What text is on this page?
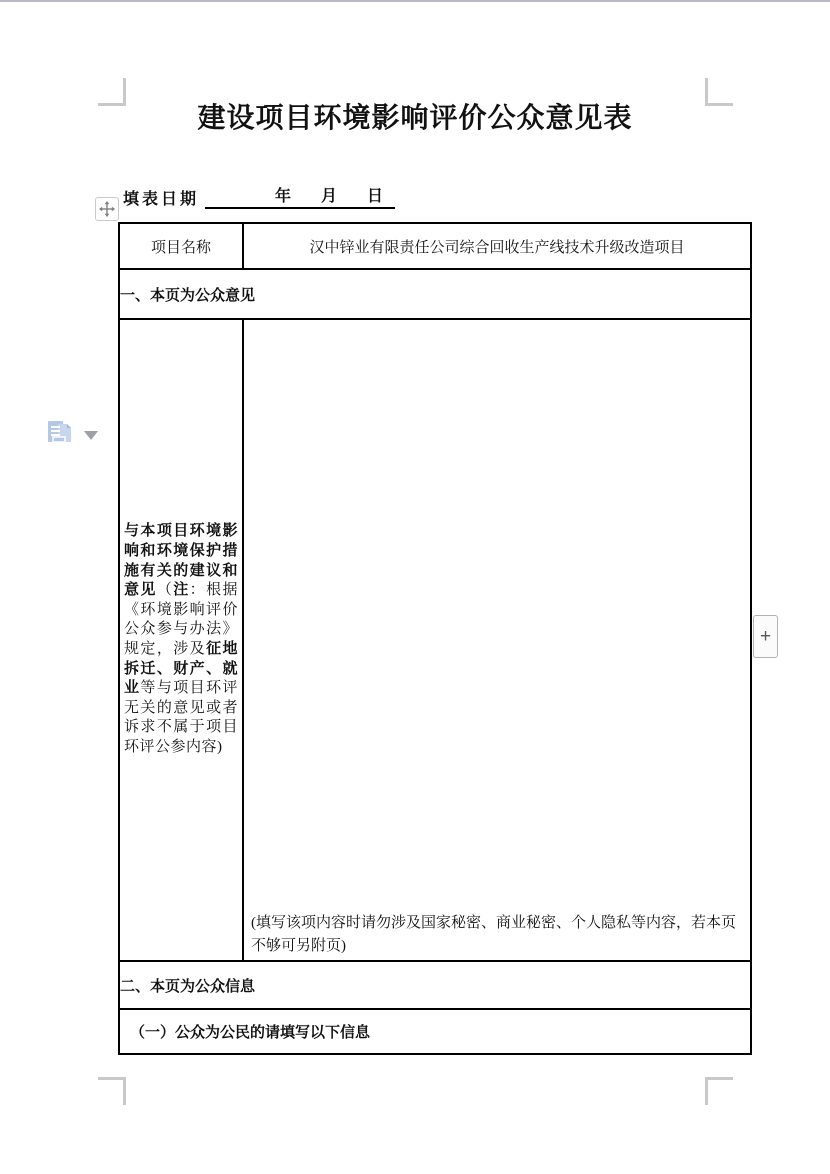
建设项目环境影响评价公众意见表
填表日期	年 月 日
项目名称	汉中锌业有限责任公司综合回收生产线技术升级改造项目
一、本页为公众意见	

与本项目环境影响和环境保护措施有关的建议和意见（注：根据《环境影响评价公众参与办法》规定，涉及征地拆迁、财产、就业等与项目环评无关的意见或者诉求不属于项目环评公参内容)	(填写该项内容时请勿涉及国家秘密、商业秘密、个人隐私等内容，若本页不够可另附页)

二、本页为公众信息	
（一）公众为公民的请填写以下信息	
+
